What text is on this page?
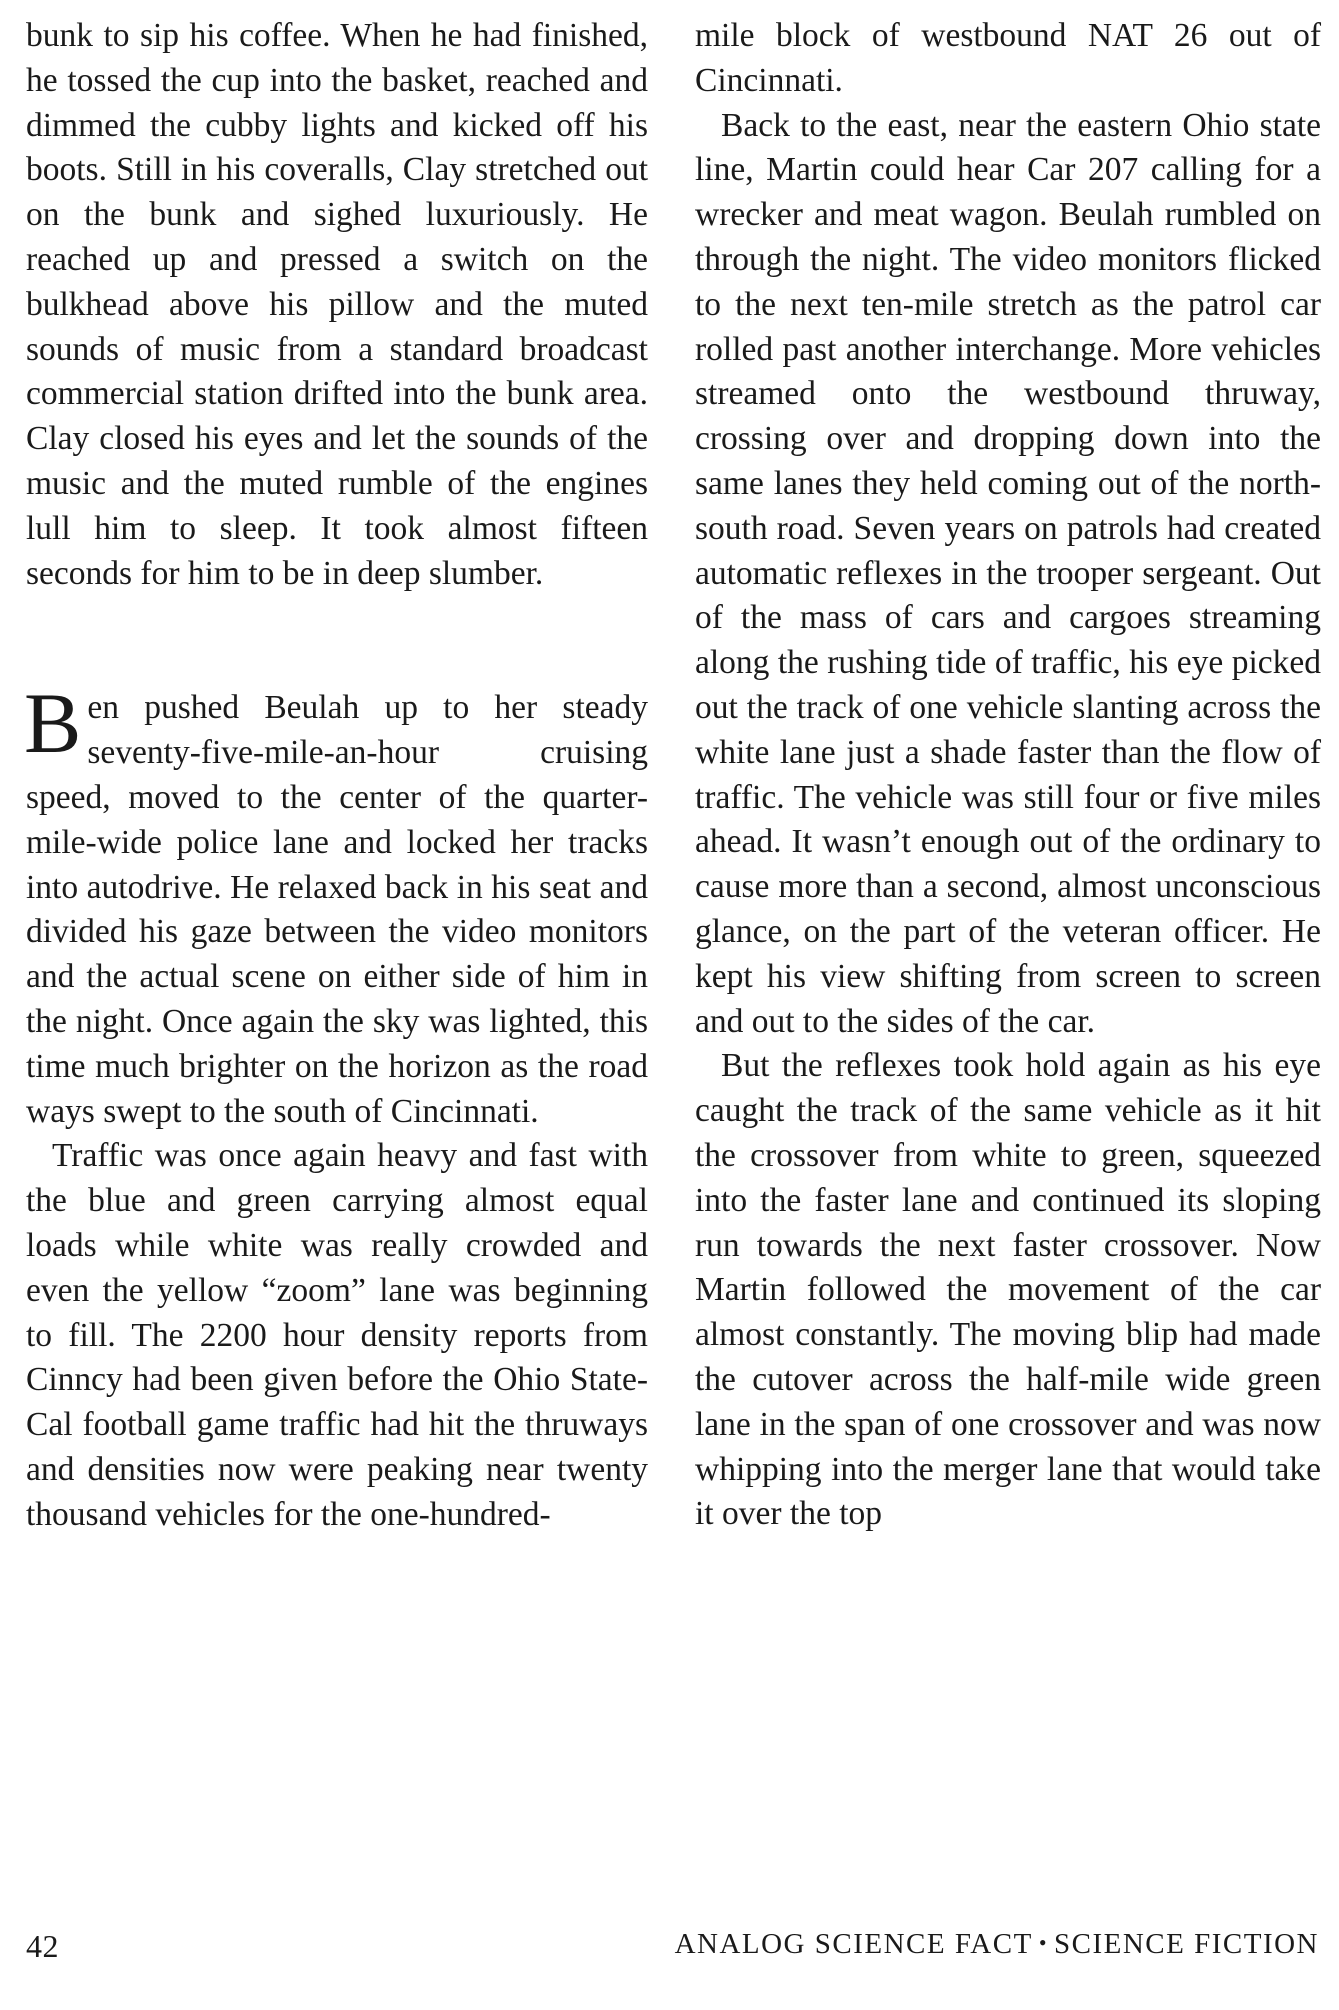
bunk to sip his coffee. When he had finished, he tossed the cup into the basket, reached and dimmed the cubby lights and kicked off his boots. Still in his coveralls, Clay stretched out on the bunk and sighed luxuriously. He reached up and pressed a switch on the bulkhead above his pillow and the muted sounds of music from a standard broadcast commercial station drifted into the bunk area. Clay closed his eyes and let the sounds of the music and the muted rumble of the engines lull him to sleep. It took almost fifteen seconds for him to be in deep slumber.

Ben pushed Beulah up to her steady seventy-five-mile-an-hour cruising speed, moved to the center of the quarter-mile-wide police lane and locked her tracks into autodrive. He relaxed back in his seat and divided his gaze between the video monitors and the actual scene on either side of him in the night. Once again the sky was lighted, this time much brighter on the horizon as the road ways swept to the south of Cincinnati.

Traffic was once again heavy and fast with the blue and green carrying almost equal loads while white was really crowded and even the yellow “zoom” lane was beginning to fill. The 2200 hour density reports from Cinncy had been given before the Ohio State-Cal football game traffic had hit the thruways and densities now were peaking near twenty thousand vehicles for the one-hundred-

mile block of westbound NAT 26 out of Cincinnati.

Back to the east, near the eastern Ohio state line, Martin could hear Car 207 calling for a wrecker and meat wagon. Beulah rumbled on through the night. The video monitors flicked to the next ten-mile stretch as the patrol car rolled past another interchange. More vehicles streamed onto the westbound thruway, crossing over and dropping down into the same lanes they held coming out of the north-south road. Seven years on patrols had created automatic reflexes in the trooper sergeant. Out of the mass of cars and cargoes streaming along the rushing tide of traffic, his eye picked out the track of one vehicle slanting across the white lane just a shade faster than the flow of traffic. The vehicle was still four or five miles ahead. It wasn’t enough out of the ordinary to cause more than a second, almost unconscious glance, on the part of the veteran officer. He kept his view shifting from screen to screen and out to the sides of the car.

But the reflexes took hold again as his eye caught the track of the same vehicle as it hit the crossover from white to green, squeezed into the faster lane and continued its sloping run towards the next faster crossover. Now Martin followed the movement of the car almost constantly. The moving blip had made the cutover across the half-mile wide green lane in the span of one crossover and was now whipping into the merger lane that would take it over the top

42	ANALOG SCIENCE FACT • SCIENCE FICTION
